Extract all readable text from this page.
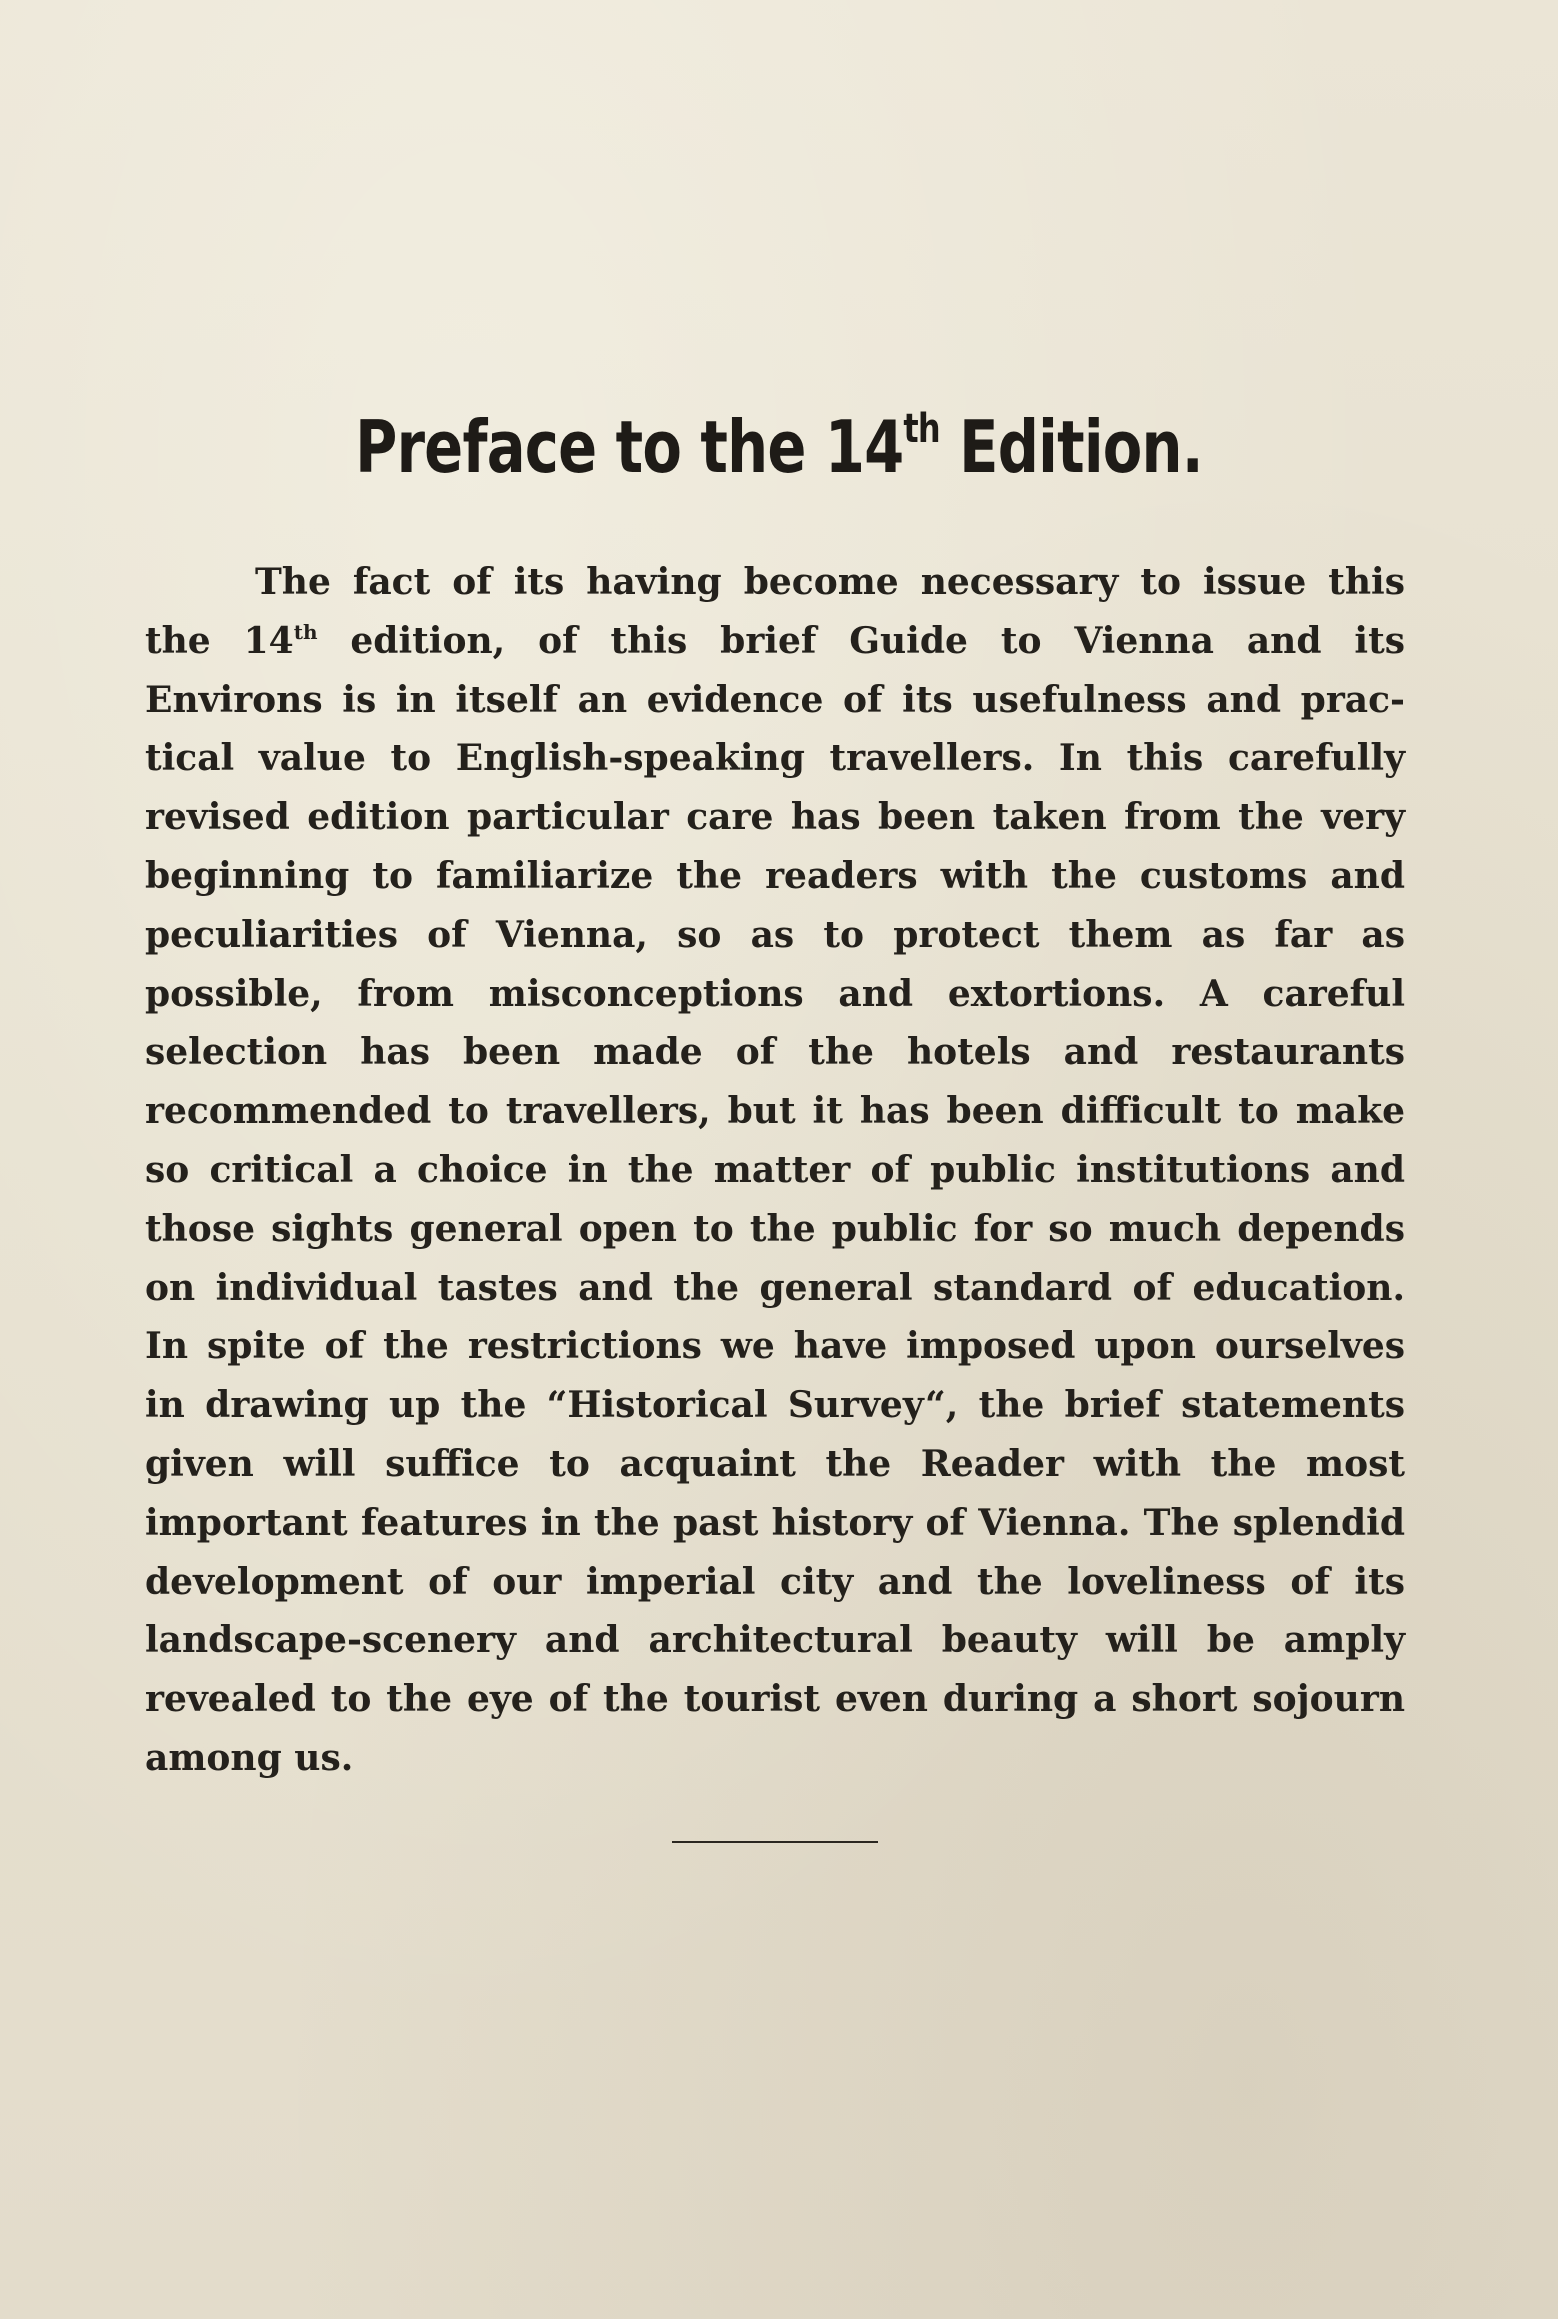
Preface to the 14th Edition.
The fact of its having become necessary to issue this
the 14th edition, of this brief Guide to Vienna and its
Environs is in itself an evidence of its usefulness and prac-
tical value to English-speaking travellers. In this carefully
revised edition particular care has been taken from the very
beginning to familiarize the readers with the customs and
peculiarities of Vienna, so as to protect them as far as
possible, from misconceptions and extortions. A careful
selection has been made of the hotels and restaurants
recommended to travellers, but it has been difficult to make
so critical a choice in the matter of public institutions and
those sights general open to the public for so much depends
on individual tastes and the general standard of education.
In spite of the restrictions we have imposed upon ourselves
in drawing up the “Historical Survey“, the brief statements
given will suffice to acquaint the Reader with the most
important features in the past history of Vienna. The splendid
development of our imperial city and the loveliness of its
landscape-scenery and architectural beauty will be amply
revealed to the eye of the tourist even during a short sojourn
among us.
